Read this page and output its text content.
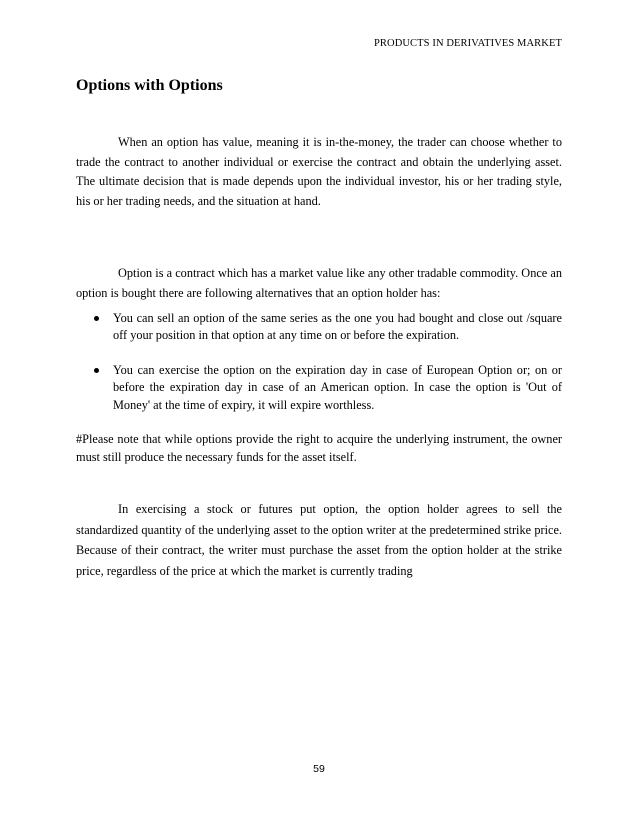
PRODUCTS IN DERIVATIVES MARKET
Options with Options

When an option has value, meaning it is in-the-money, the trader can choose whether to trade the contract to another individual or exercise the contract and obtain the underlying asset. The ultimate decision that is made depends upon the individual investor, his or her trading style, his or her trading needs, and the situation at hand.

Option is a contract which has a market value like any other tradable commodity. Once an option is bought there are following alternatives that an option holder has:

You can sell an option of the same series as the one you had bought and close out /square off your position in that option at any time on or before the expiration.
You can exercise the option on the expiration day in case of European Option or; on or before the expiration day in case of an American option. In case the option is 'Out of Money' at the time of expiry, it will expire worthless.

#Please note that while options provide the right to acquire the underlying instrument, the owner must still produce the necessary funds for the asset itself.

In exercising a stock or futures put option, the option holder agrees to sell the standardized quantity of the underlying asset to the option writer at the predetermined strike price. Because of their contract, the writer must purchase the asset from the option holder at the strike price, regardless of the price at which the market is currently trading

59
